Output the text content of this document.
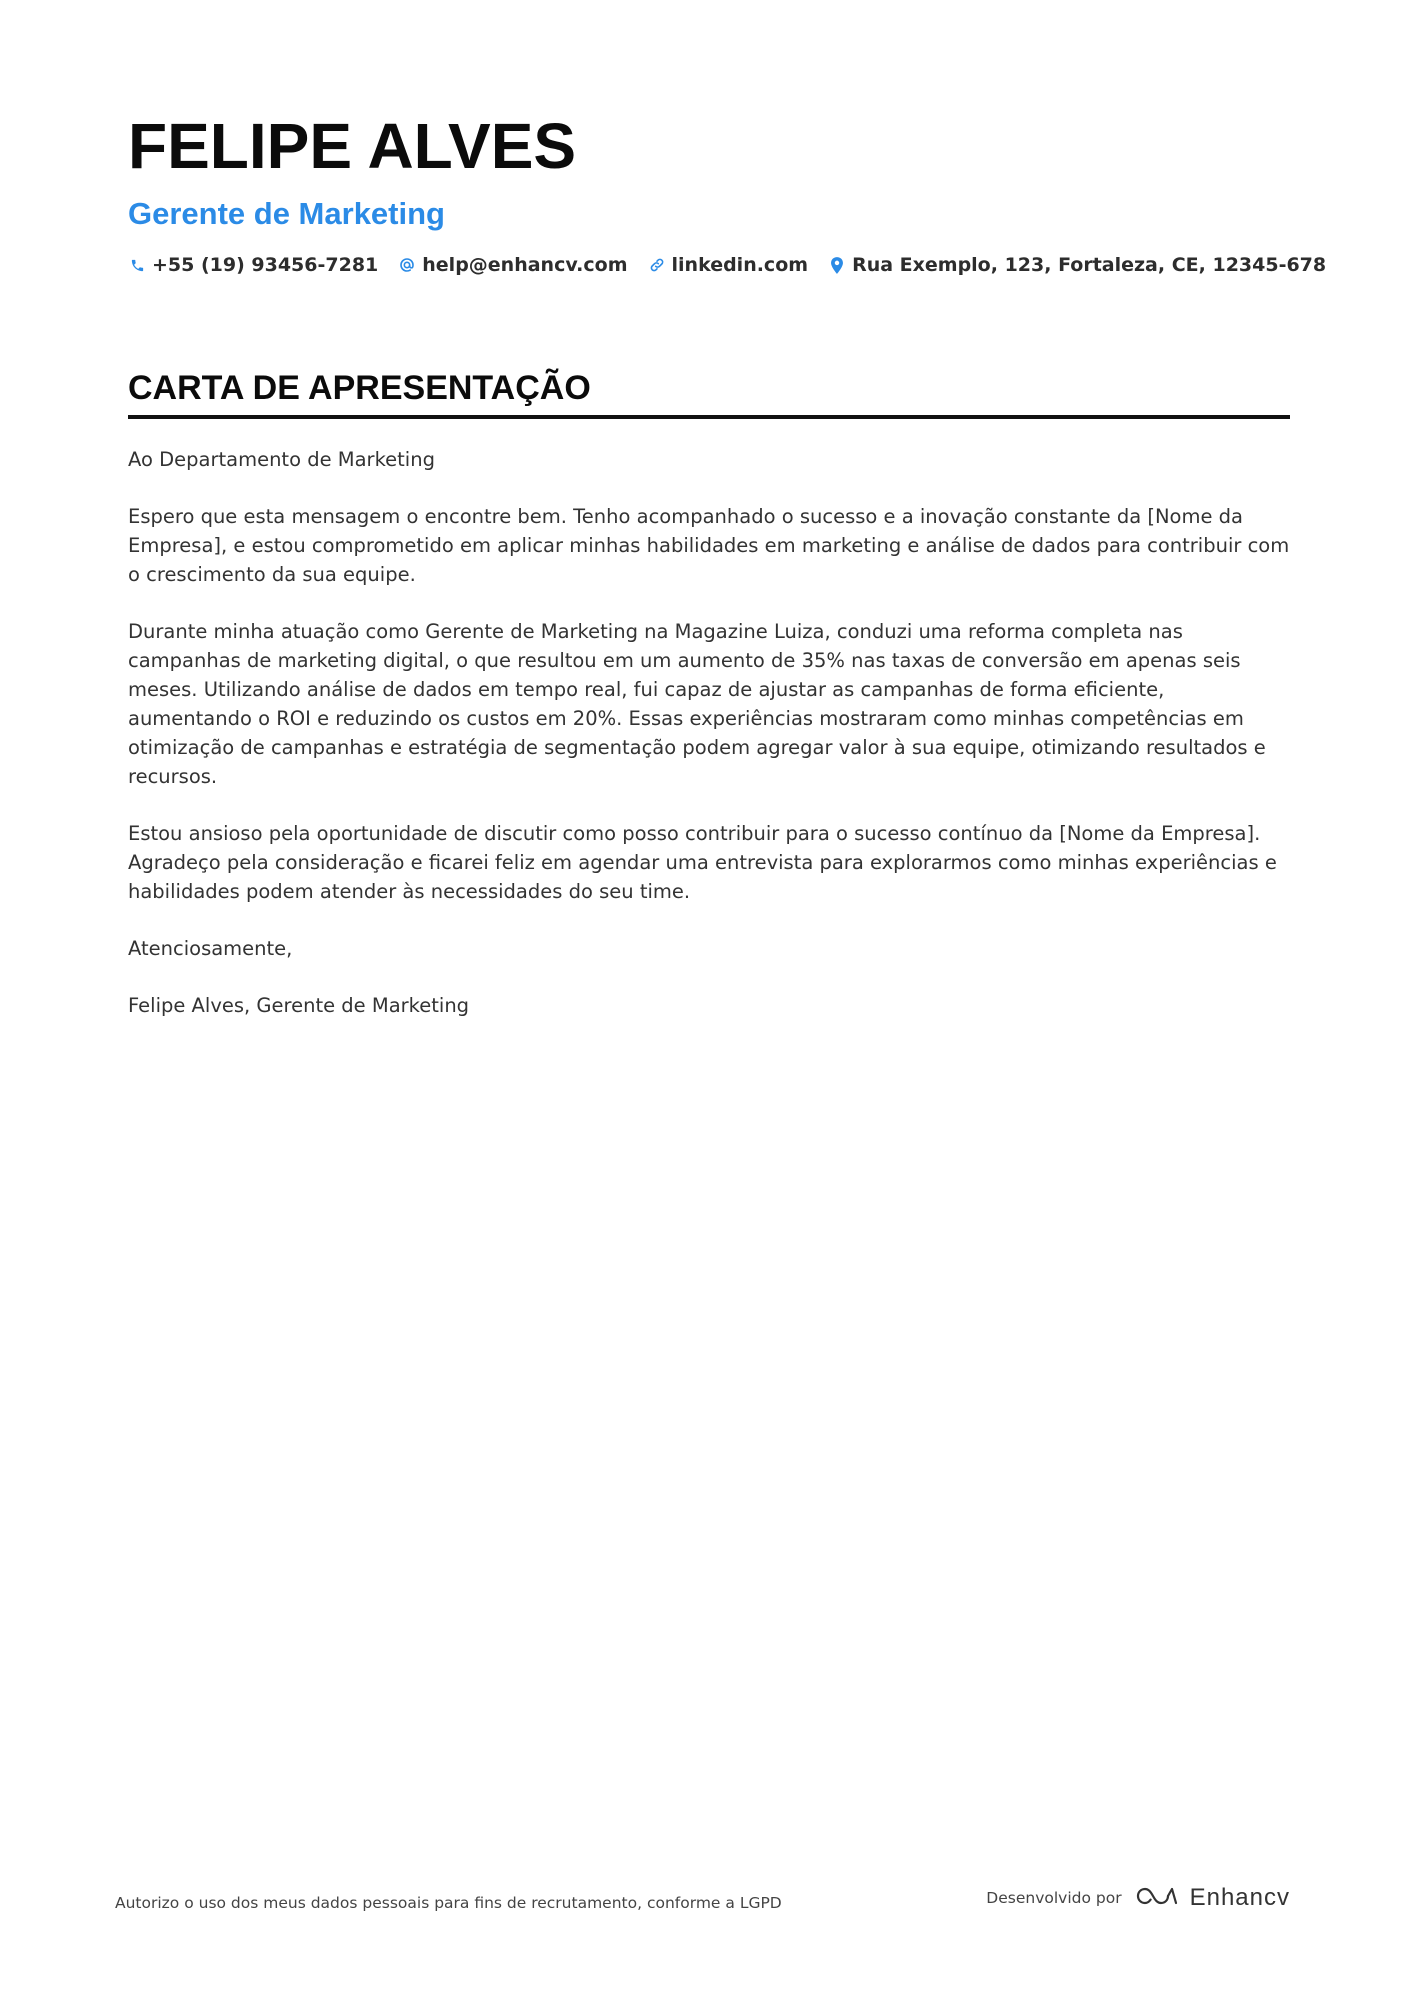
FELIPE ALVES
Gerente de Marketing
+55 (19) 93456-7281 help@enhancv.com linkedin.com Rua Exemplo, 123, Fortaleza, CE, 12345-678
CARTA DE APRESENTAÇÃO

Ao Departamento de Marketing

Espero que esta mensagem o encontre bem. Tenho acompanhado o sucesso e a inovação constante da [Nome da Empresa], e estou comprometido em aplicar minhas habilidades em marketing e análise de dados para contribuir com o crescimento da sua equipe.

Durante minha atuação como Gerente de Marketing na Magazine Luiza, conduzi uma reforma completa nas campanhas de marketing digital, o que resultou em um aumento de 35% nas taxas de conversão em apenas seis meses. Utilizando análise de dados em tempo real, fui capaz de ajustar as campanhas de forma eficiente, aumentando o ROI e reduzindo os custos em 20%. Essas experiências mostraram como minhas competências em otimização de campanhas e estratégia de segmentação podem agregar valor à sua equipe, otimizando resultados e recursos.

Estou ansioso pela oportunidade de discutir como posso contribuir para o sucesso contínuo da [Nome da Empresa]. Agradeço pela consideração e ficarei feliz em agendar uma entrevista para explorarmos como minhas experiências e habilidades podem atender às necessidades do seu time.

Atenciosamente,

Felipe Alves, Gerente de Marketing

Autorizo o uso dos meus dados pessoais para fins de recrutamento, conforme a LGPD	Desenvolvido por	Enhancv
